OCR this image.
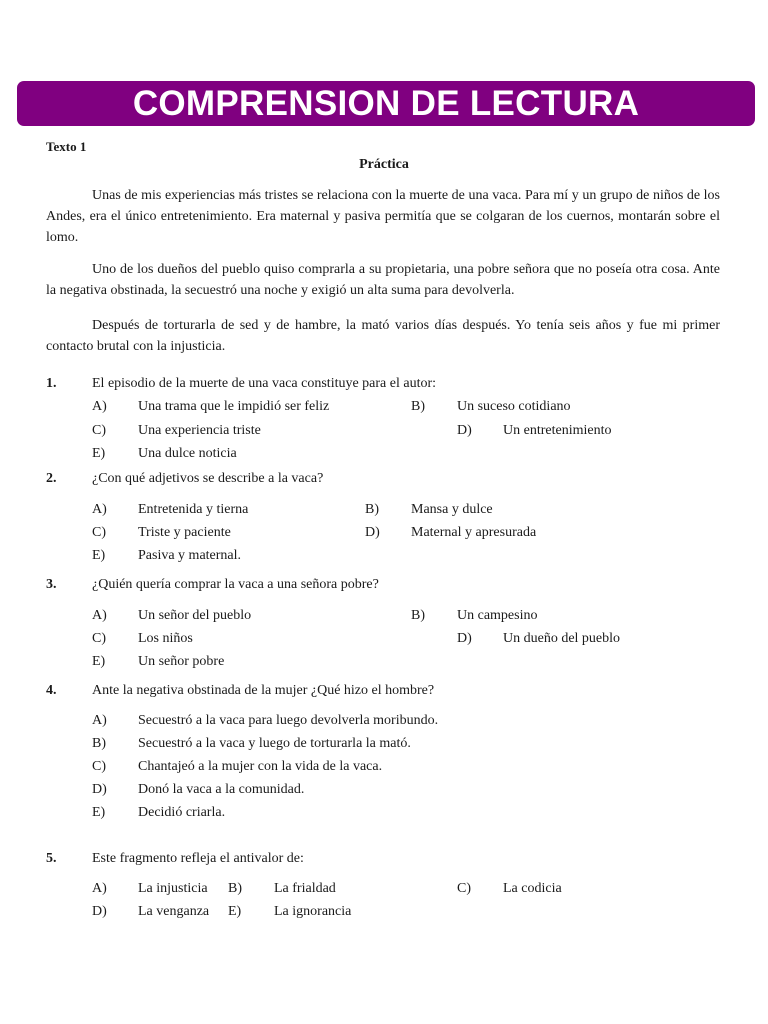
COMPRENSION DE LECTURA
Texto 1
Práctica

Unas de mis experiencias más tristes se relaciona con la muerte de una vaca. Para mí y un grupo de niños de los Andes, era el único entretenimiento. Era maternal y pasiva permitía que se colgaran de los cuernos, montarán sobre el lomo.

Uno de los dueños del pueblo quiso comprarla a su propietaria, una pobre señora que no poseía otra cosa. Ante la negativa obstinada, la secuestró una noche y exigió un alta suma para devolverla.

Después de torturarla de sed y de hambre, la mató varios días después. Yo tenía seis años y fue mi primer contacto brutal con la injusticia.

1.	El episodio de la muerte de una vaca constituye para el autor:
A) Una trama que le impidió ser feliz	B) Un suceso cotidiano
C) Una experiencia triste	D) Un entretenimiento
E) Una dulce noticia
2.	¿Con qué adjetivos se describe a la vaca?
A) Entretenida y tierna	B) Mansa y dulce
C) Triste y paciente	D) Maternal y apresurada
E) Pasiva y maternal.
3.	¿Quién quería comprar la vaca a una señora pobre?
A) Un señor del pueblo	B) Un campesino
C) Los niños	D) Un dueño del pueblo
E) Un señor pobre
4.	Ante la negativa obstinada de la mujer ¿Qué hizo el hombre?
A) Secuestró a la vaca para luego devolverla moribundo.
B) Secuestró a la vaca y luego de torturarla la mató.
C) Chantajeó a la mujer con la vida de la vaca.
D) Donó la vaca a la comunidad.
E) Decidió criarla.
5.	Este fragmento refleja el antivalor de:
A) La injusticia B) La frialdad	C) La codicia
D) La venganza E) La ignorancia
